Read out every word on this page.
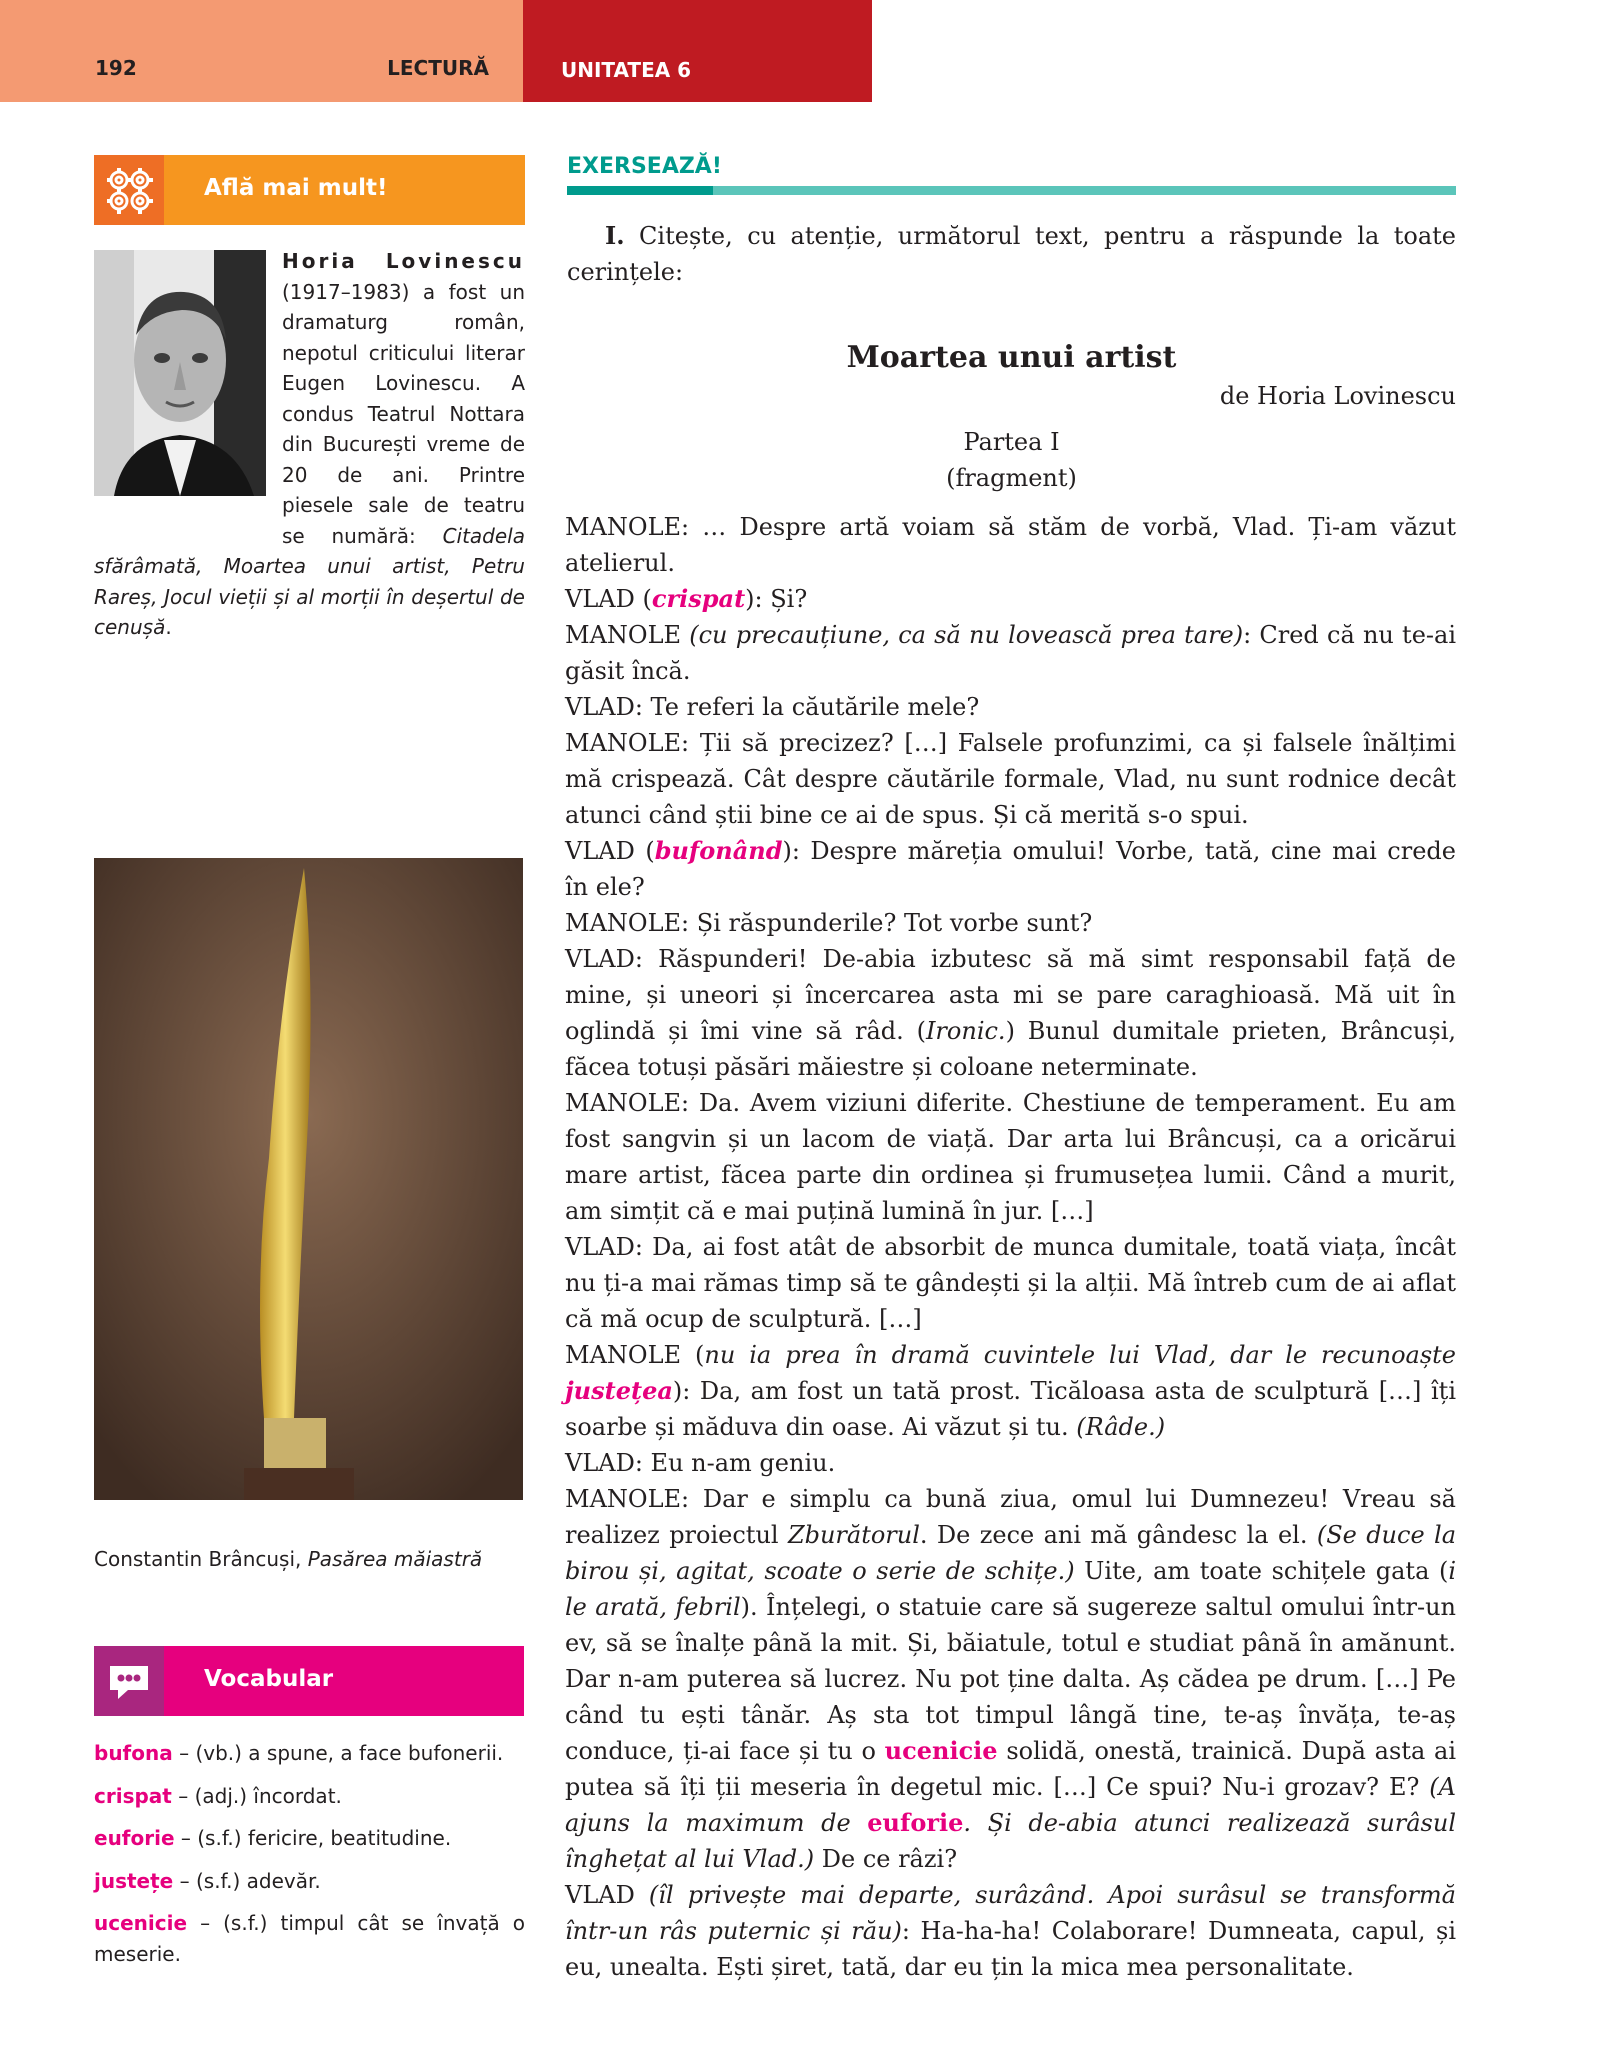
192	LECTURĂ	UNITATEA 6
Află mai mult!
Horia Lovinescu (1917–1983) a fost un dramaturg român, nepotul criticului literar Eugen Lovinescu. A condus Teatrul Nottara din București vreme de 20 de ani. Printre piesele sale de teatru se numără: Citadela sfărâmată, Moartea unui artist, Petru Rareș, Jocul vieții și al morții în deșertul de cenușă.
Constantin Brâncuși, Pasărea măiastră
Vocabular
bufona – (vb.) a spune, a face bufonerii.
crispat – (adj.) încordat.
euforie – (s.f.) fericire, beatitudine.
justețe – (s.f.) adevăr.
ucenicie – (s.f.) timpul cât se învață o meserie.
EXERSEAZĂ!
I. Citește, cu atenție, următorul text, pentru a răspunde la toate cerințele:
Moartea unui artist
de Horia Lovinescu
Partea I
(fragment)

MANOLE: … Despre artă voiam să stăm de vorbă, Vlad. Ți-am văzut atelierul.

VLAD (crispat): Și?

MANOLE (cu precauțiune, ca să nu lovească prea tare): Cred că nu te-ai găsit încă.

VLAD: Te referi la căutările mele?

MANOLE: Ții să precizez? […] Falsele profunzimi, ca și falsele înălțimi mă crispează. Cât despre căutările formale, Vlad, nu sunt rodnice decât atunci când știi bine ce ai de spus. Și că merită s-o spui.

VLAD (bufonând): Despre măreția omului! Vorbe, tată, cine mai crede în ele?

MANOLE: Și răspunderile? Tot vorbe sunt?

VLAD: Răspunderi! De-abia izbutesc să mă simt responsabil față de mine, și uneori și încercarea asta mi se pare caraghioasă. Mă uit în oglindă și îmi vine să râd. (Ironic.) Bunul dumitale prieten, Brâncuși, făcea totuși păsări măiestre și coloane neterminate.

MANOLE: Da. Avem viziuni diferite. Chestiune de temperament. Eu am fost sangvin și un lacom de viață. Dar arta lui Brâncuși, ca a oricărui mare artist, făcea parte din ordinea și frumusețea lumii. Când a murit, am simțit că e mai puțină lumină în jur. […]

VLAD: Da, ai fost atât de absorbit de munca dumitale, toată viața, încât nu ți-a mai rămas timp să te gândești și la alții. Mă întreb cum de ai aflat că mă ocup de sculptură. […]

MANOLE (nu ia prea în dramă cuvintele lui Vlad, dar le recunoaște justețea): Da, am fost un tată prost. Ticăloasa asta de sculptură […] îți soarbe și măduva din oase. Ai văzut și tu. (Râde.)

VLAD: Eu n-am geniu.

MANOLE: Dar e simplu ca bună ziua, omul lui Dumnezeu! Vreau să realizez proiectul Zburătorul. De zece ani mă gândesc la el. (Se duce la birou și, agitat, scoate o serie de schițe.) Uite, am toate schițele gata (i le arată, febril). Înțelegi, o statuie care să sugereze saltul omului într-un ev, să se înalțe până la mit. Și, băiatule, totul e studiat până în amănunt. Dar n-am puterea să lucrez. Nu pot ține dalta. Aș cădea pe drum. […] Pe când tu ești tânăr. Aș sta tot timpul lângă tine, te-aș învăța, te-aș conduce, ți-ai face și tu o ucenicie solidă, onestă, trainică. După asta ai putea să îți ții meseria în degetul mic. […] Ce spui? Nu-i grozav? E? (A ajuns la maximum de euforie. Și de-abia atunci realizează surâsul înghețat al lui Vlad.) De ce râzi?

VLAD (îl privește mai departe, surâzând. Apoi surâsul se transformă într-un râs puternic și rău): Ha-ha-ha! Colaborare! Dumneata, capul, și eu, unealta. Ești șiret, tată, dar eu țin la mica mea personalitate.
